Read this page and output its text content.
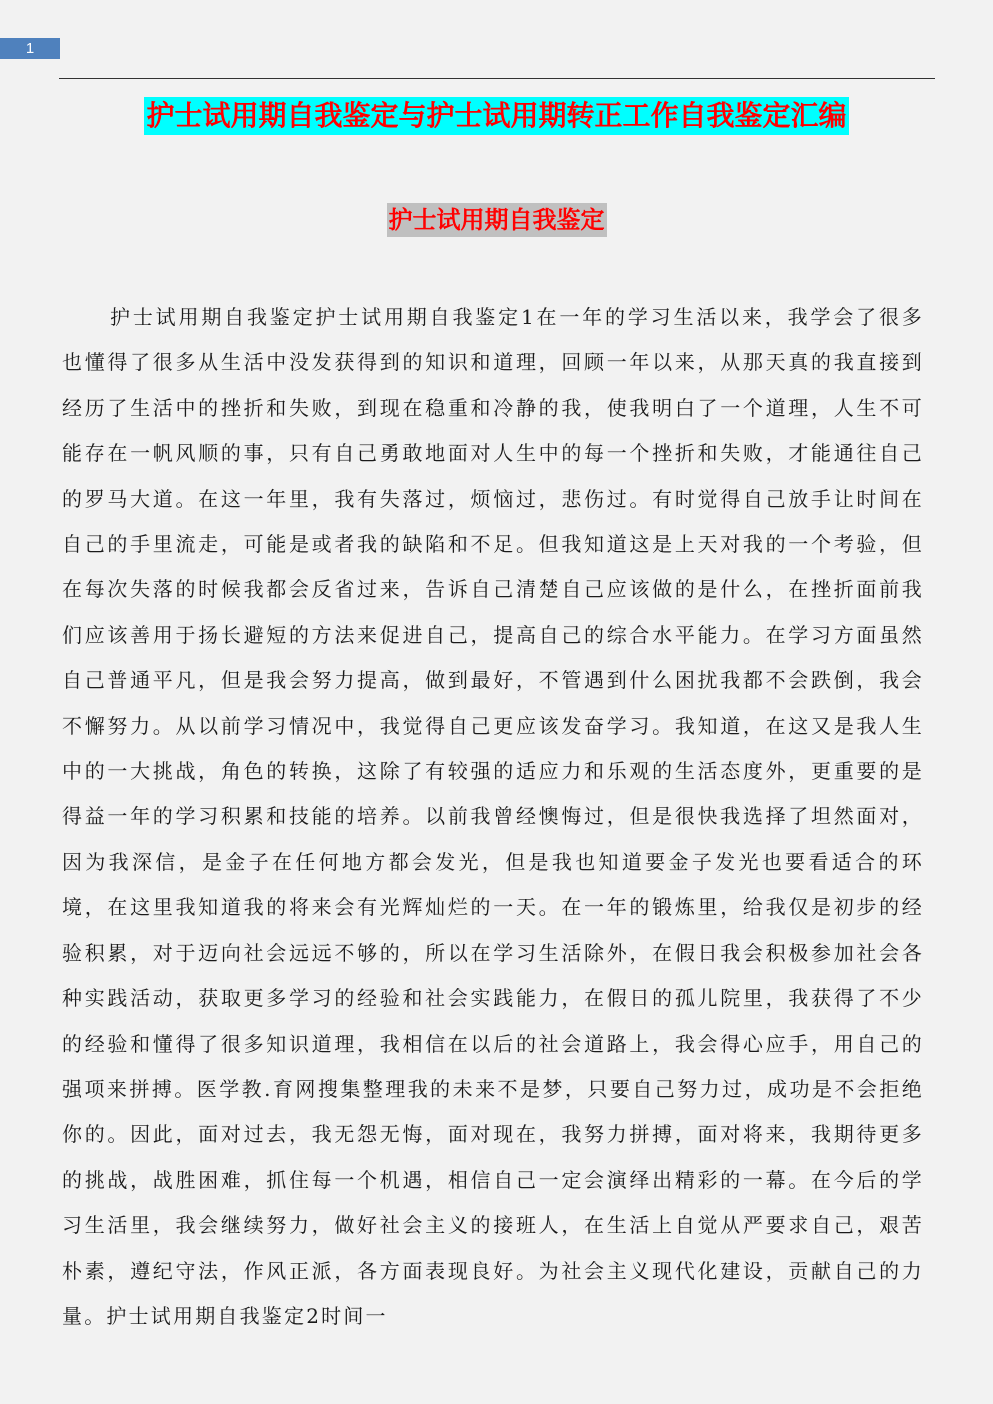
1
护士试用期自我鉴定与护士试用期转正工作自我鉴定汇编
护士试用期自我鉴定

护士试用期自我鉴定护士试用期自我鉴定1在一年的学习生活以来，我学会了很多也懂得了很多从生活中没发获得到的知识和道理，回顾一年以来，从那天真的我直接到经历了生活中的挫折和失败，到现在稳重和冷静的我，使我明白了一个道理，人生不可能存在一帆风顺的事，只有自己勇敢地面对人生中的每一个挫折和失败，才能通往自己的罗马大道。在这一年里，我有失落过，烦恼过，悲伤过。有时觉得自己放手让时间在自己的手里流走，可能是或者我的缺陷和不足。但我知道这是上天对我的一个考验，但在每次失落的时候我都会反省过来，告诉自己清楚自己应该做的是什么，在挫折面前我们应该善用于扬长避短的方法来促进自己，提高自己的综合水平能力。在学习方面虽然自己普通平凡，但是我会努力提高，做到最好，不管遇到什么困扰我都不会跌倒，我会不懈努力。从以前学习情况中，我觉得自己更应该发奋学习。我知道，在这又是我人生中的一大挑战，角色的转换，这除了有较强的适应力和乐观的生活态度外，更重要的是得益一年的学习积累和技能的培养。以前我曾经懊悔过，但是很快我选择了坦然面对，因为我深信，是金子在任何地方都会发光，但是我也知道要金子发光也要看适合的环境，在这里我知道我的将来会有光辉灿烂的一天。在一年的锻炼里，给我仅是初步的经验积累，对于迈向社会远远不够的，所以在学习生活除外，在假日我会积极参加社会各种实践活动，获取更多学习的经验和社会实践能力，在假日的孤儿院里，我获得了不少的经验和懂得了很多知识道理，我相信在以后的社会道路上，我会得心应手，用自己的强项来拼搏。医学教.育网搜集整理我的未来不是梦，只要自己努力过，成功是不会拒绝你的。因此，面对过去，我无怨无悔，面对现在，我努力拼搏，面对将来，我期待更多的挑战，战胜困难，抓住每一个机遇，相信自己一定会演绎出精彩的一幕。在今后的学习生活里，我会继续努力，做好社会主义的接班人，在生活上自觉从严要求自己，艰苦朴素，遵纪守法，作风正派，各方面表现良好。为社会主义现代化建设，贡献自己的力量。护士试用期自我鉴定2时间一
